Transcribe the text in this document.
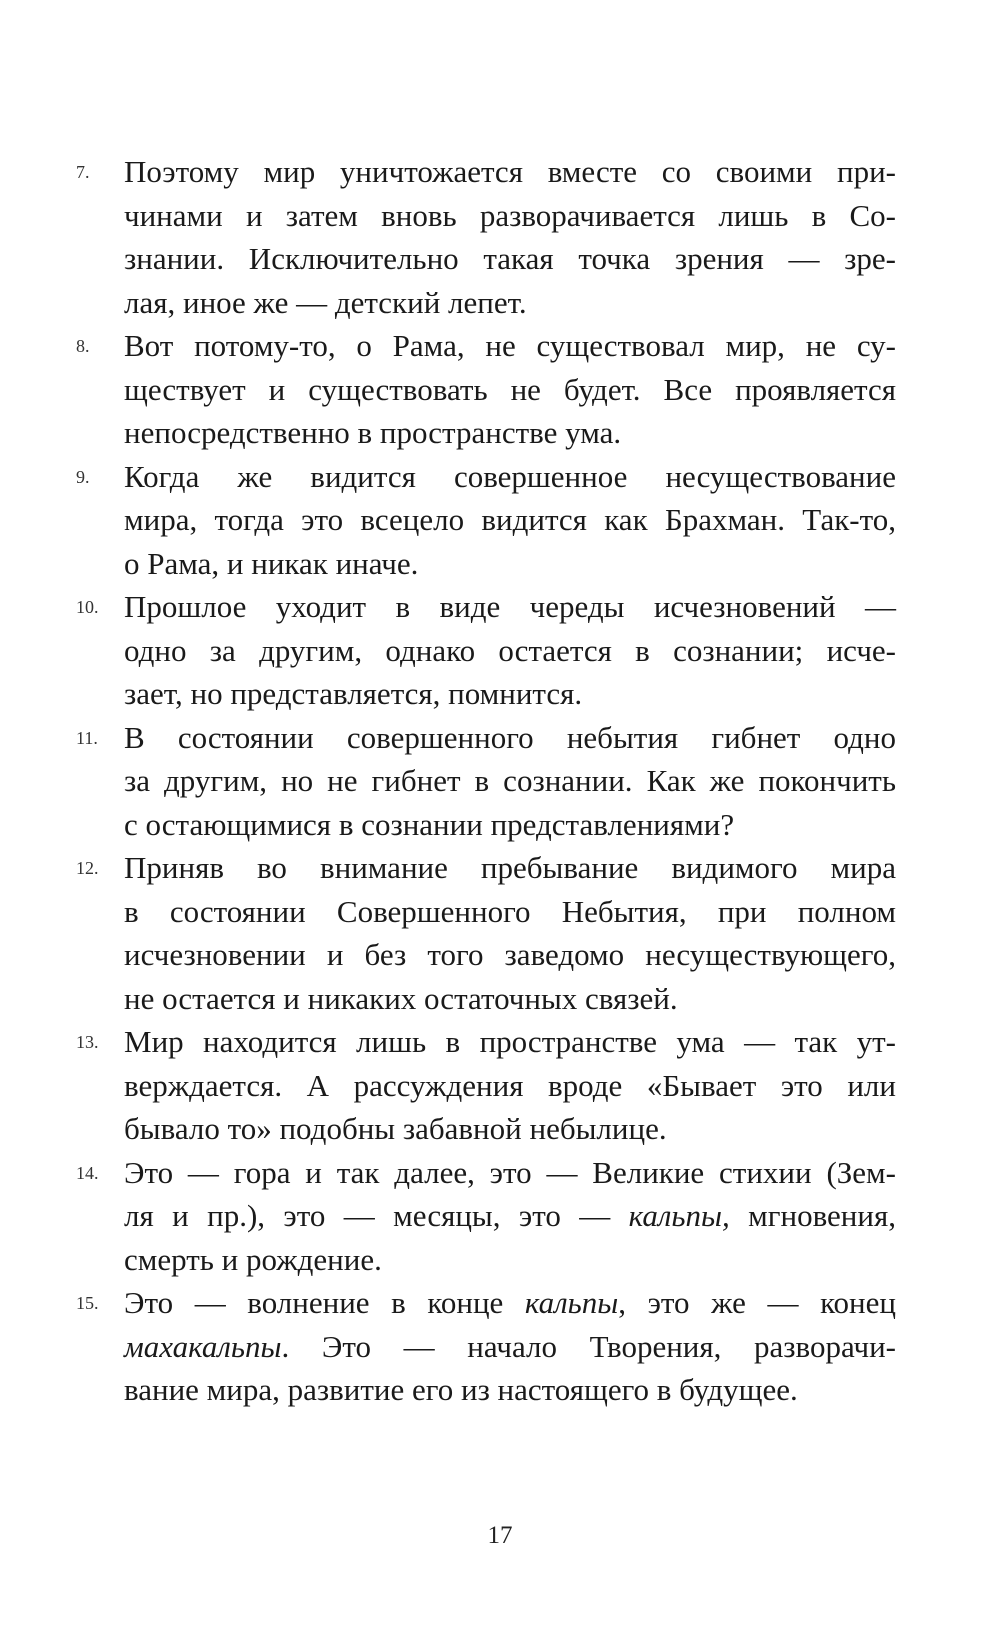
7.	Поэтому мир уничтожается вместе со своими при-
чинами и затем вновь разворачивается лишь в Со-
знании. Исключительно такая точка зрения — зре-
лая, иное же — детский лепет.
8.	Вот потому-то, о Рама, не существовал мир, не су-
ществует и существовать не будет. Все проявляется
непосредственно в пространстве ума.
9.	Когда же видится совершенное несуществование
мира, тогда это всецело видится как Брахман. Так-то,
о Рама, и никак иначе.
10. Прошлое уходит в виде череды исчезновений —
одно за другим, однако остается в сознании; исче-
зает, но представляется, помнится.
11. В состоянии совершенного небытия гибнет одно
за другим, но не гибнет в сознании. Как же покончить
с остающимися в сознании представлениями?
12. Приняв во внимание пребывание видимого мира
в состоянии Совершенного Небытия, при полном
исчезновении и без того заведомо несуществующего,
не остается и никаких остаточных связей.
13. Мир находится лишь в пространстве ума — так ут-
верждается. А рассуждения вроде «Бывает это или
бывало то» подобны забавной небылице.
14. Это — гора и так далее, это — Великие стихии (Зем-
ля и пр.), это — месяцы, это — кальпы, мгновения,
смерть и рождение.
15. Это — волнение в конце кальпы, это же — конец
махакальпы. Это — начало Творения, разворачи-
вание мира, развитие его из настоящего в будущее.
17
